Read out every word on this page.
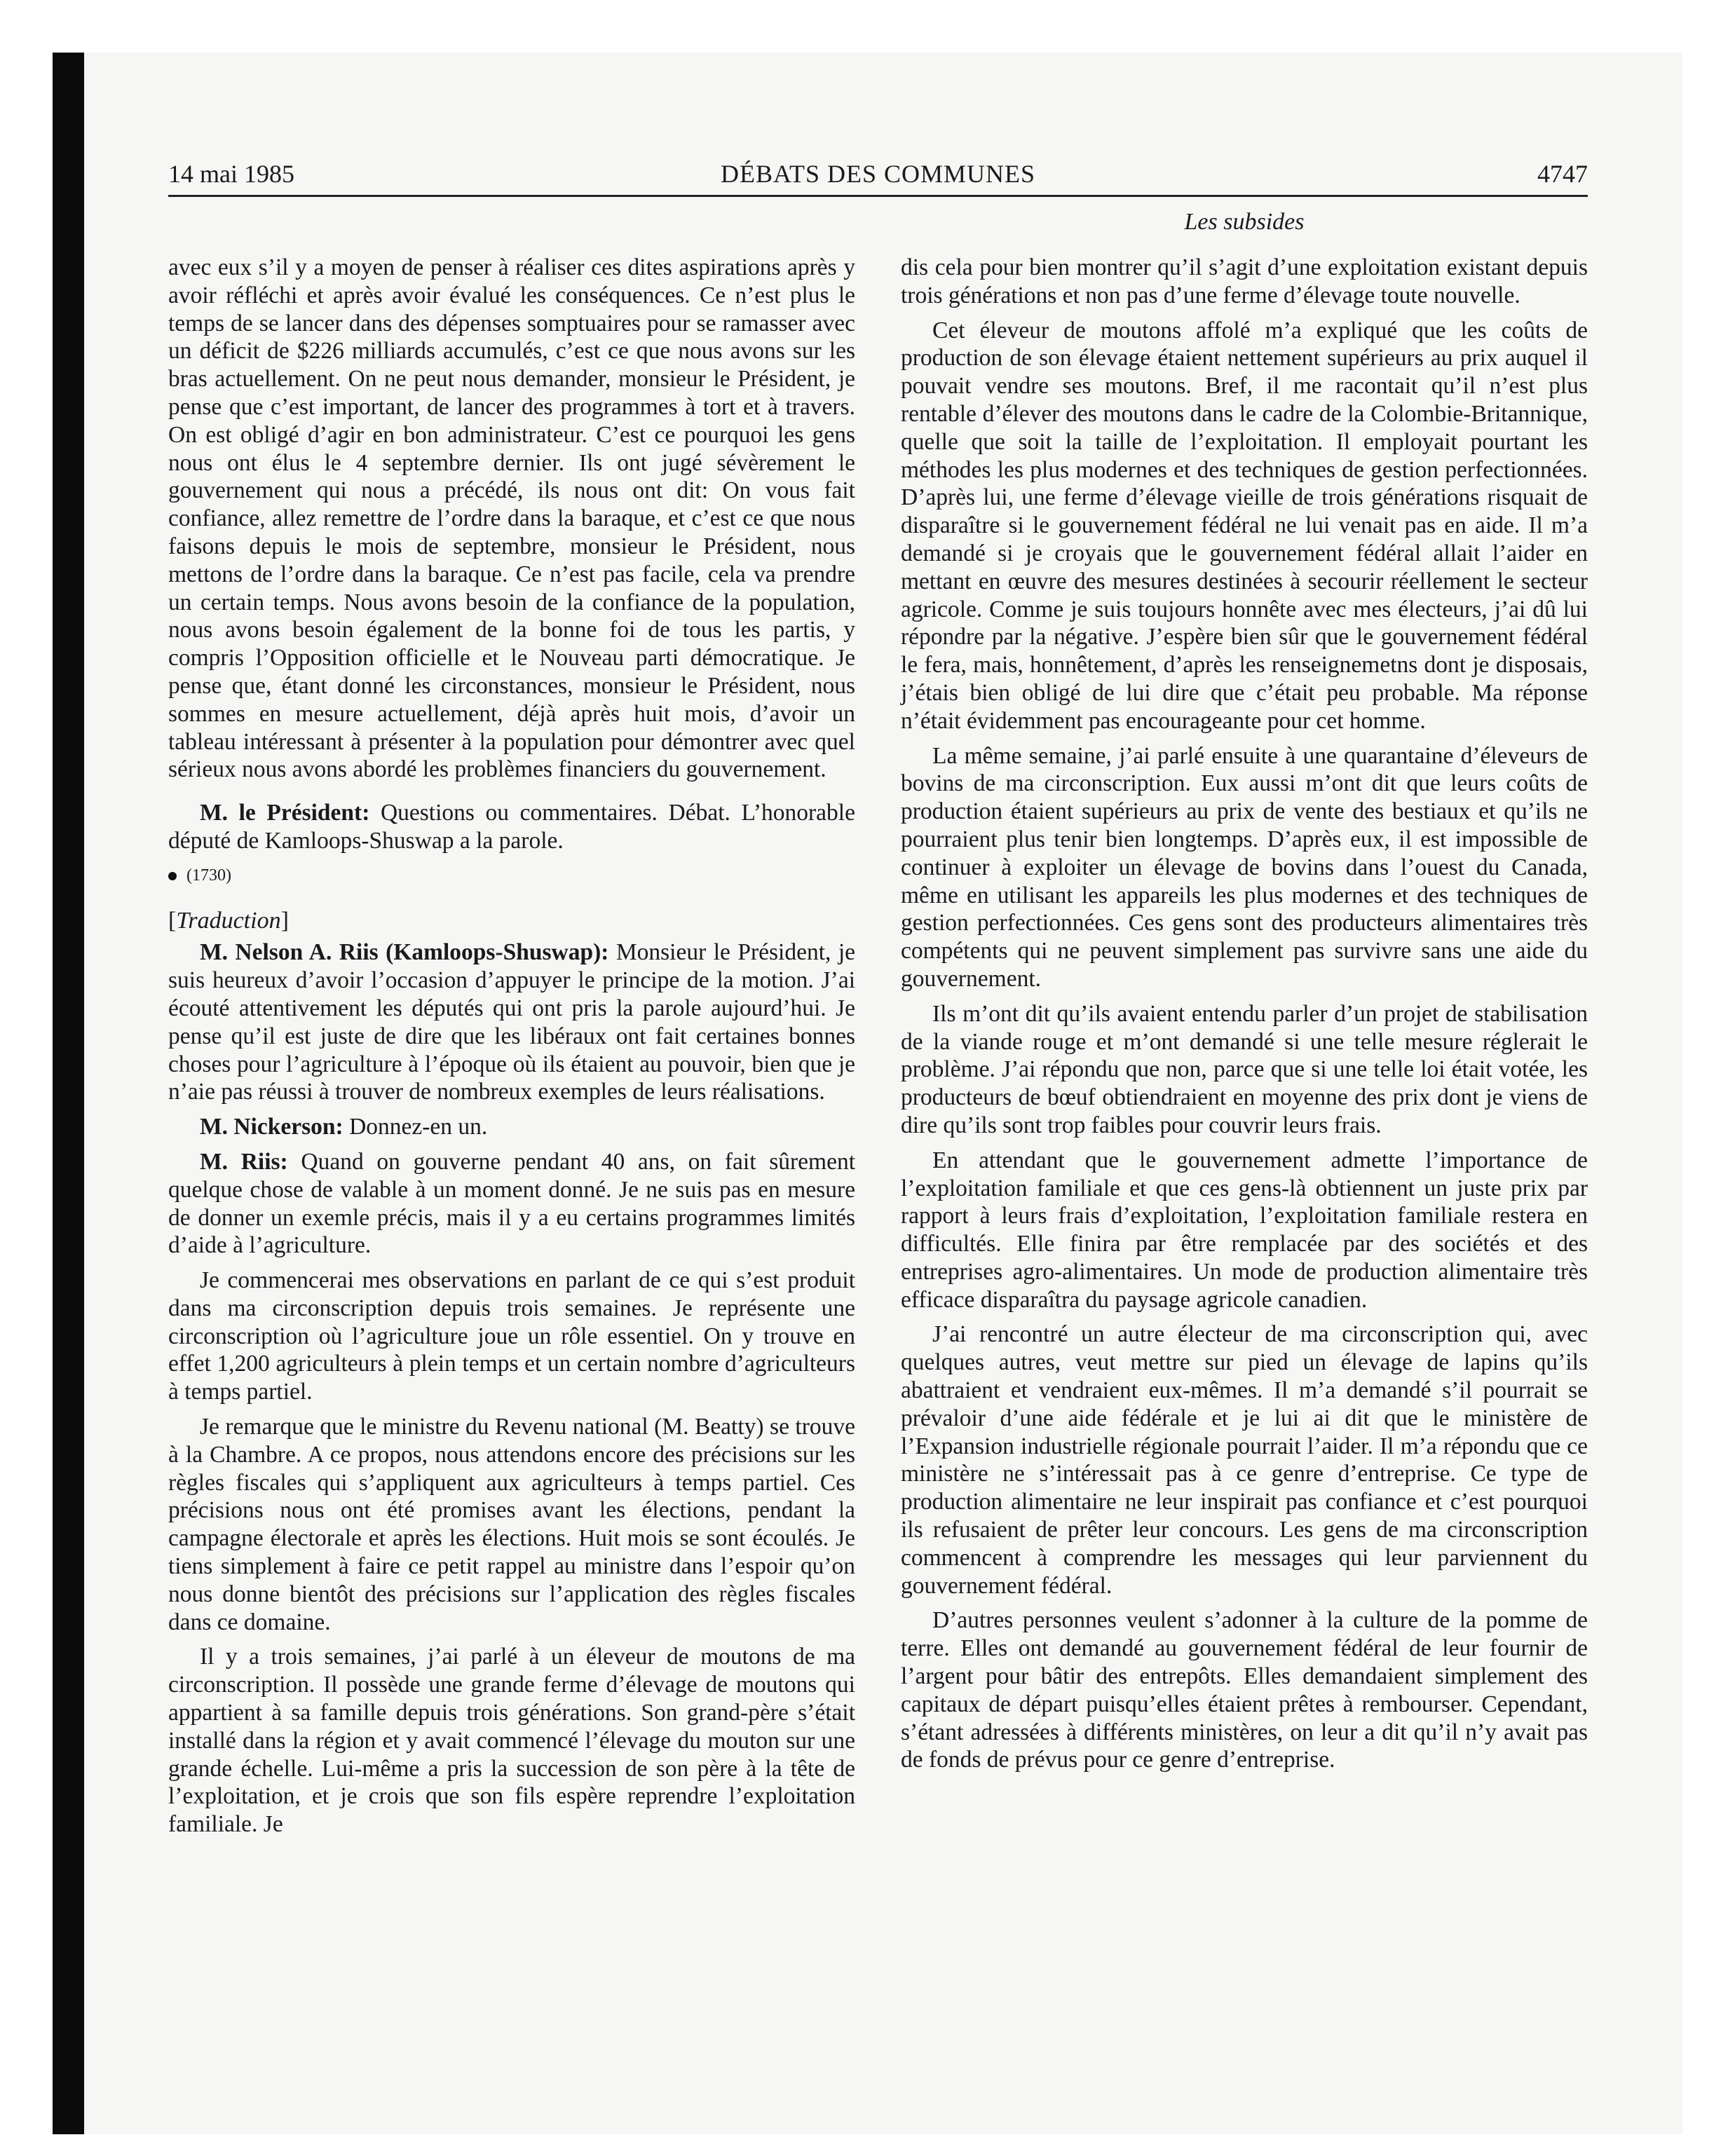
14 mai 1985	DÉBATS DES COMMUNES	4747
Les subsides

avec eux s’il y a moyen de penser à réaliser ces dites aspirations après y avoir réfléchi et après avoir évalué les conséquences. Ce n’est plus le temps de se lancer dans des dépenses somptuaires pour se ramasser avec un déficit de $226 milliards accumulés, c’est ce que nous avons sur les bras actuellement. On ne peut nous demander, monsieur le Président, je pense que c’est important, de lancer des programmes à tort et à travers. On est obligé d’agir en bon administrateur. C’est ce pourquoi les gens nous ont élus le 4 septembre dernier. Ils ont jugé sévèrement le gouvernement qui nous a précédé, ils nous ont dit: On vous fait confiance, allez remettre de l’ordre dans la baraque, et c’est ce que nous faisons depuis le mois de septembre, monsieur le Président, nous mettons de l’ordre dans la baraque. Ce n’est pas facile, cela va prendre un certain temps. Nous avons besoin de la confiance de la population, nous avons besoin également de la bonne foi de tous les partis, y compris l’Opposition officielle et le Nouveau parti démocratique. Je pense que, étant donné les circonstances, monsieur le Président, nous sommes en mesure actuellement, déjà après huit mois, d’avoir un tableau intéressant à présenter à la population pour démontrer avec quel sérieux nous avons abordé les problèmes financiers du gouvernement.

M. le Président: Questions ou commentaires. Débat. L’honorable député de Kamloops-Shuswap a la parole.

(1730)
[Traduction]

M. Nelson A. Riis (Kamloops-Shuswap): Monsieur le Président, je suis heureux d’avoir l’occasion d’appuyer le principe de la motion. J’ai écouté attentivement les députés qui ont pris la parole aujourd’hui. Je pense qu’il est juste de dire que les libéraux ont fait certaines bonnes choses pour l’agriculture à l’époque où ils étaient au pouvoir, bien que je n’aie pas réussi à trouver de nombreux exemples de leurs réalisations.

M. Nickerson: Donnez-en un.

M. Riis: Quand on gouverne pendant 40 ans, on fait sûrement quelque chose de valable à un moment donné. Je ne suis pas en mesure de donner un exemle précis, mais il y a eu certains programmes limités d’aide à l’agriculture.

Je commencerai mes observations en parlant de ce qui s’est produit dans ma circonscription depuis trois semaines. Je représente une circonscription où l’agriculture joue un rôle essentiel. On y trouve en effet 1,200 agriculteurs à plein temps et un certain nombre d’agriculteurs à temps partiel.

Je remarque que le ministre du Revenu national (M. Beatty) se trouve à la Chambre. A ce propos, nous attendons encore des précisions sur les règles fiscales qui s’appliquent aux agriculteurs à temps partiel. Ces précisions nous ont été promises avant les élections, pendant la campagne électorale et après les élections. Huit mois se sont écoulés. Je tiens simplement à faire ce petit rappel au ministre dans l’espoir qu’on nous donne bientôt des précisions sur l’application des règles fiscales dans ce domaine.

Il y a trois semaines, j’ai parlé à un éleveur de moutons de ma circonscription. Il possède une grande ferme d’élevage de moutons qui appartient à sa famille depuis trois générations. Son grand-père s’était installé dans la région et y avait commencé l’élevage du mouton sur une grande échelle. Lui-même a pris la succession de son père à la tête de l’exploitation, et je crois que son fils espère reprendre l’exploitation familiale. Je

dis cela pour bien montrer qu’il s’agit d’une exploitation existant depuis trois générations et non pas d’une ferme d’élevage toute nouvelle.

Cet éleveur de moutons affolé m’a expliqué que les coûts de production de son élevage étaient nettement supérieurs au prix auquel il pouvait vendre ses moutons. Bref, il me racontait qu’il n’est plus rentable d’élever des moutons dans le cadre de la Colombie-Britannique, quelle que soit la taille de l’exploitation. Il employait pourtant les méthodes les plus modernes et des techniques de gestion perfectionnées. D’après lui, une ferme d’élevage vieille de trois générations risquait de disparaître si le gouvernement fédéral ne lui venait pas en aide. Il m’a demandé si je croyais que le gouvernement fédéral allait l’aider en mettant en œuvre des mesures destinées à secourir réellement le secteur agricole. Comme je suis toujours honnête avec mes électeurs, j’ai dû lui répondre par la négative. J’espère bien sûr que le gouvernement fédéral le fera, mais, honnêtement, d’après les renseignemetns dont je disposais, j’étais bien obligé de lui dire que c’était peu probable. Ma réponse n’était évidemment pas encourageante pour cet homme.

La même semaine, j’ai parlé ensuite à une quarantaine d’éleveurs de bovins de ma circonscription. Eux aussi m’ont dit que leurs coûts de production étaient supérieurs au prix de vente des bestiaux et qu’ils ne pourraient plus tenir bien longtemps. D’après eux, il est impossible de continuer à exploiter un élevage de bovins dans l’ouest du Canada, même en utilisant les appareils les plus modernes et des techniques de gestion perfectionnées. Ces gens sont des producteurs alimentaires très compétents qui ne peuvent simplement pas survivre sans une aide du gouvernement.

Ils m’ont dit qu’ils avaient entendu parler d’un projet de stabilisation de la viande rouge et m’ont demandé si une telle mesure réglerait le problème. J’ai répondu que non, parce que si une telle loi était votée, les producteurs de bœuf obtiendraient en moyenne des prix dont je viens de dire qu’ils sont trop faibles pour couvrir leurs frais.

En attendant que le gouvernement admette l’importance de l’exploitation familiale et que ces gens-là obtiennent un juste prix par rapport à leurs frais d’exploitation, l’exploitation familiale restera en difficultés. Elle finira par être remplacée par des sociétés et des entreprises agro-alimentaires. Un mode de production alimentaire très efficace disparaîtra du paysage agricole canadien.

J’ai rencontré un autre électeur de ma circonscription qui, avec quelques autres, veut mettre sur pied un élevage de lapins qu’ils abattraient et vendraient eux-mêmes. Il m’a demandé s’il pourrait se prévaloir d’une aide fédérale et je lui ai dit que le ministère de l’Expansion industrielle régionale pourrait l’aider. Il m’a répondu que ce ministère ne s’intéressait pas à ce genre d’entreprise. Ce type de production alimentaire ne leur inspirait pas confiance et c’est pourquoi ils refusaient de prêter leur concours. Les gens de ma circonscription commencent à comprendre les messages qui leur parviennent du gouvernement fédéral.

D’autres personnes veulent s’adonner à la culture de la pomme de terre. Elles ont demandé au gouvernement fédéral de leur fournir de l’argent pour bâtir des entrepôts. Elles demandaient simplement des capitaux de départ puisqu’elles étaient prêtes à rembourser. Cependant, s’étant adressées à différents ministères, on leur a dit qu’il n’y avait pas de fonds de prévus pour ce genre d’entreprise.
